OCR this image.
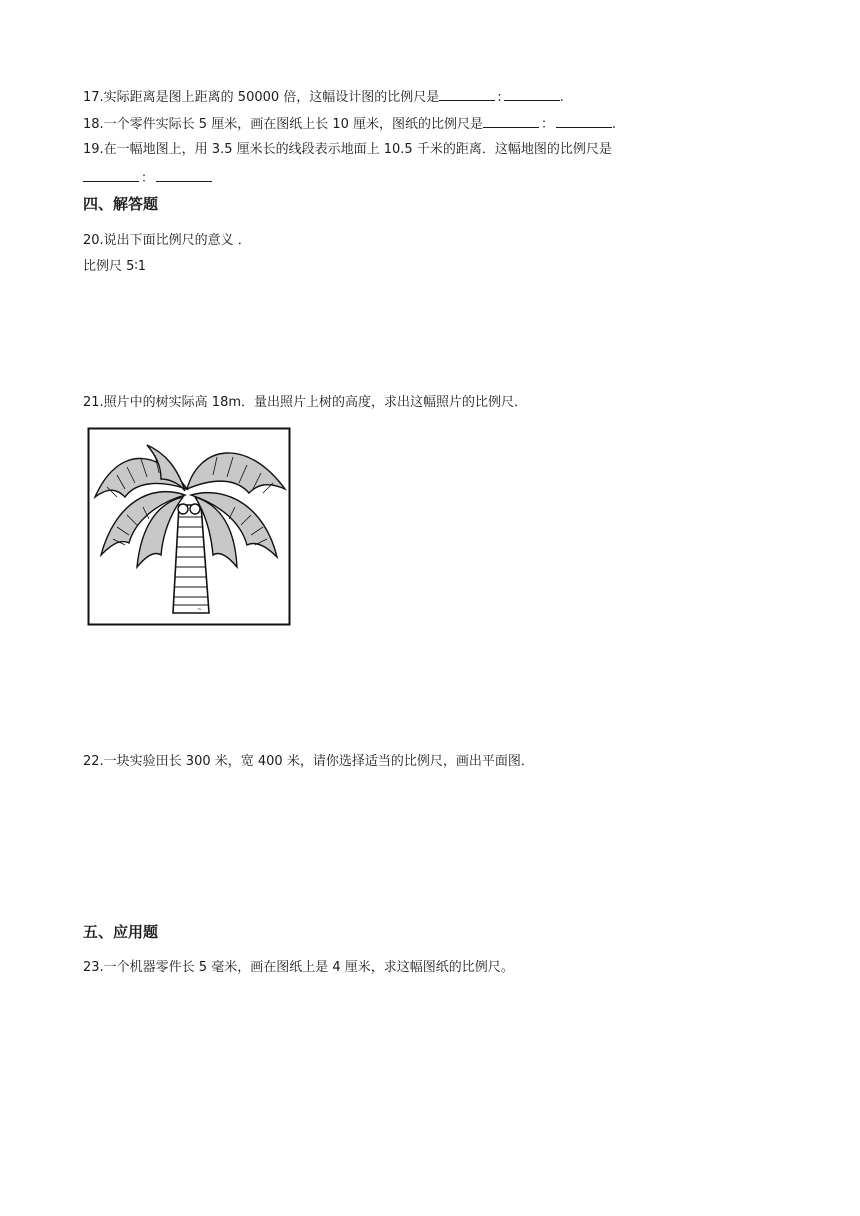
17.实际距离是图上距离的 50000 倍，这幅设计图的比例尺是	:	.
18.一个零件实际长 5 厘米，画在图纸上长 10 厘米，图纸的比例尺是	：	.
19.在一幅地图上，用 3.5 厘米长的线段表示地面上 10.5 千米的距离．这幅地图的比例尺是
：
四、解答题
20.说出下面比例尺的意义 ．
比例尺 5∶1
21.照片中的树实际高 18m．量出照片上树的高度，求出这幅照片的比例尺．
~
22.一块实验田长 300 米，宽 400 米，请你选择适当的比例尺，画出平面图．
五、应用题
23.一个机器零件长 5 毫米，画在图纸上是 4 厘米，求这幅图纸的比例尺。
